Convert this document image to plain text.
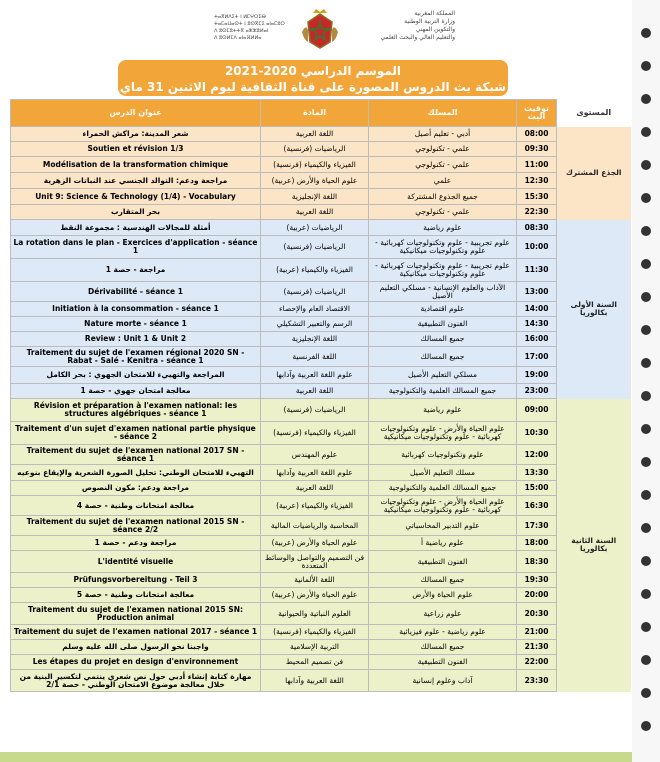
ⵜⴰⴳⵍⴷⵉⵜ ⵏ ⵍⵎⵖⵔⵉⴱ
ⵜⴰⵎⴰⵡⴰⵙⵜ ⵏ ⵓⵙⴳⵎⵉ ⴰⵏⴰⵎⵓⵔ
ⴷ ⵓⵙⵎⵓⵜⵜⴳ ⴰⵣⵣⵓⵍⴰⵏ
ⴷ ⵓⵙⵍⵎⴷ ⴰⵏⴰⴼⵍⵍⴰ
المملكة المغربية
وزارة التربية الوطنية
والتكوين المهني
والتعليم العالي والبحث العلمي
الموسم الدراسي 2020-2021
شبكة بث الدروس المصورة على قناة الثقافية ليوم الاثنين 31 ماي
عنوان الدرس	المادة	المسلك	توقيت البث	المستوى
شعر المدينة: مراكش الحمراء	اللغة العربية	أدبي - تعليم أصيل	08:00	الجذع المشترك
Soutien et révision 1/3	الرياضيات (فرنسية)	علمي - تكنولوجي	09:30	
Modélisation de la transformation chimique	الفيزياء والكيمياء (فرنسية)	علمي - تكنولوجي	11:00	
مراجعة ودعم: التوالد الجنسي عند النباتات الزهرية	علوم الحياة والأرض (عربية)	علمي	12:30	
Unit 9: Science & Technology (1/4) - Vocabulary	اللغة الإنجليزية	جميع الجذوع المشتركة	15:30	
بحر المتقارب	اللغة العربية	علمي - تكنولوجي	22:30	
أمثلة للمجالات الهندسية : مجموعة النقط	الرياضيات (عربية)	علوم رياضية	08:30	السنة الأولى بكالوريا
La rotation dans le plan - Exercices d'application - séance 1	الرياضيات (فرنسية)	علوم تجريبية - علوم وتكنولوجيات كهربائية - علوم وتكنولوجيات ميكانيكية	10:00	
مراجعة - حصة 1	الفيزياء والكيمياء (عربية)	علوم تجريبية - علوم وتكنولوجيات كهربائية - علوم وتكنولوجيات ميكانيكية	11:30	
Dérivabilité - séance 1	الرياضيات (فرنسية)	الآداب والعلوم الإنسانية - مسلكي التعليم الأصيل	13:00	
Initiation à la consommation - séance 1	الاقتصاد العام والإحصاء	علوم اقتصادية	14:00	
Nature morte - séance 1	الرسم والتعبير التشكيلي	الفنون التطبيقية	14:30	
Review : Unit 1 & Unit 2	اللغة الإنجليزية	جميع المسالك	16:00	
Traitement du sujet de l'examen régional 2020 SN - Rabat - Salé - Kenitra - séance 1	اللغة الفرنسية	جميع المسالك	17:00	
المراجعة والتهييء للامتحان الجهوي : بحر الكامل	علوم اللغة العربية وآدابها	مسلكي التعليم الأصيل	19:00	
معالجة امتحان جهوي - حصة 1	اللغة العربية	جميع المسالك العلمية والتكنولوجية	23:00	
Révision et préparation à l'examen national: les structures algébriques - séance 1	الرياضيات (فرنسية)	علوم رياضية	09:00	السنة الثانية بكالوريا
Traitement d'un sujet d'examen national partie physique - séance 2	الفيزياء والكيمياء (فرنسية)	علوم الحياة والأرض - علوم وتكنولوجيات كهربائية - علوم وتكنولوجيات ميكانيكية	10:30	
Traitement du sujet de l'examen national 2017 SN - séance 1	علوم المهندس	علوم وتكنولوجيات كهربائية	12:00	
التهييء للامتحان الوطني: تحليل الصورة الشعرية والإيقاع بنوعيه	علوم اللغة العربية وآدابها	مسلك التعليم الأصيل	13:30	
مراجعة ودعم: مكون النصوص	اللغة العربية	جميع المسالك العلمية والتكنولوجية	15:00	
معالجة امتحانات وطنية - حصة 4	الفيزياء والكيمياء (عربية)	علوم الحياة والأرض - علوم وتكنولوجيات كهربائية - علوم وتكنولوجيات ميكانيكية	16:30	
Traitement du sujet de l'examen national 2015 SN - séance 2/2	المحاسبة والرياضيات المالية	علوم التدبير المحاسباتي	17:30	
مراجعة ودعم - حصة 1	علوم الحياة والأرض (عربية)	علوم رياضية أ	18:00	
L'identité visuelle	فن التصميم والتواصل والوسائط المتعددة	الفنون التطبيقية	18:30	
Prüfungsvorbereitung - Teil 3	اللغة الألمانية	جميع المسالك	19:30	
معالجة امتحانات وطنية - حصة 5	علوم الحياة والأرض (عربية)	علوم الحياة والأرض	20:00	
Traitement du sujet de l'examen national 2015 SN: Production animal	العلوم النباتية والحيوانية	علوم زراعية	20:30	
Traitement du sujet de l'examen national 2017 - séance 1	الفيزياء والكيمياء (فرنسية)	علوم رياضية - علوم فيزيائية	21:00	
واجبنا نحو الرسول صلى الله عليه وسلم	التربية الإسلامية	جميع المسالك	21:30	
Les étapes du projet en design d'environnement	فن تصميم المحيط	الفنون التطبيقية	22:00	
مهارة كتابة إنشاء أدبي حول نص شعري ينتمي لتكسير البنية من خلال معالجة موضوع الامتحان الوطني - حصة 2/1	اللغة العربية وآدابها	آداب وعلوم إنسانية	23:30	
